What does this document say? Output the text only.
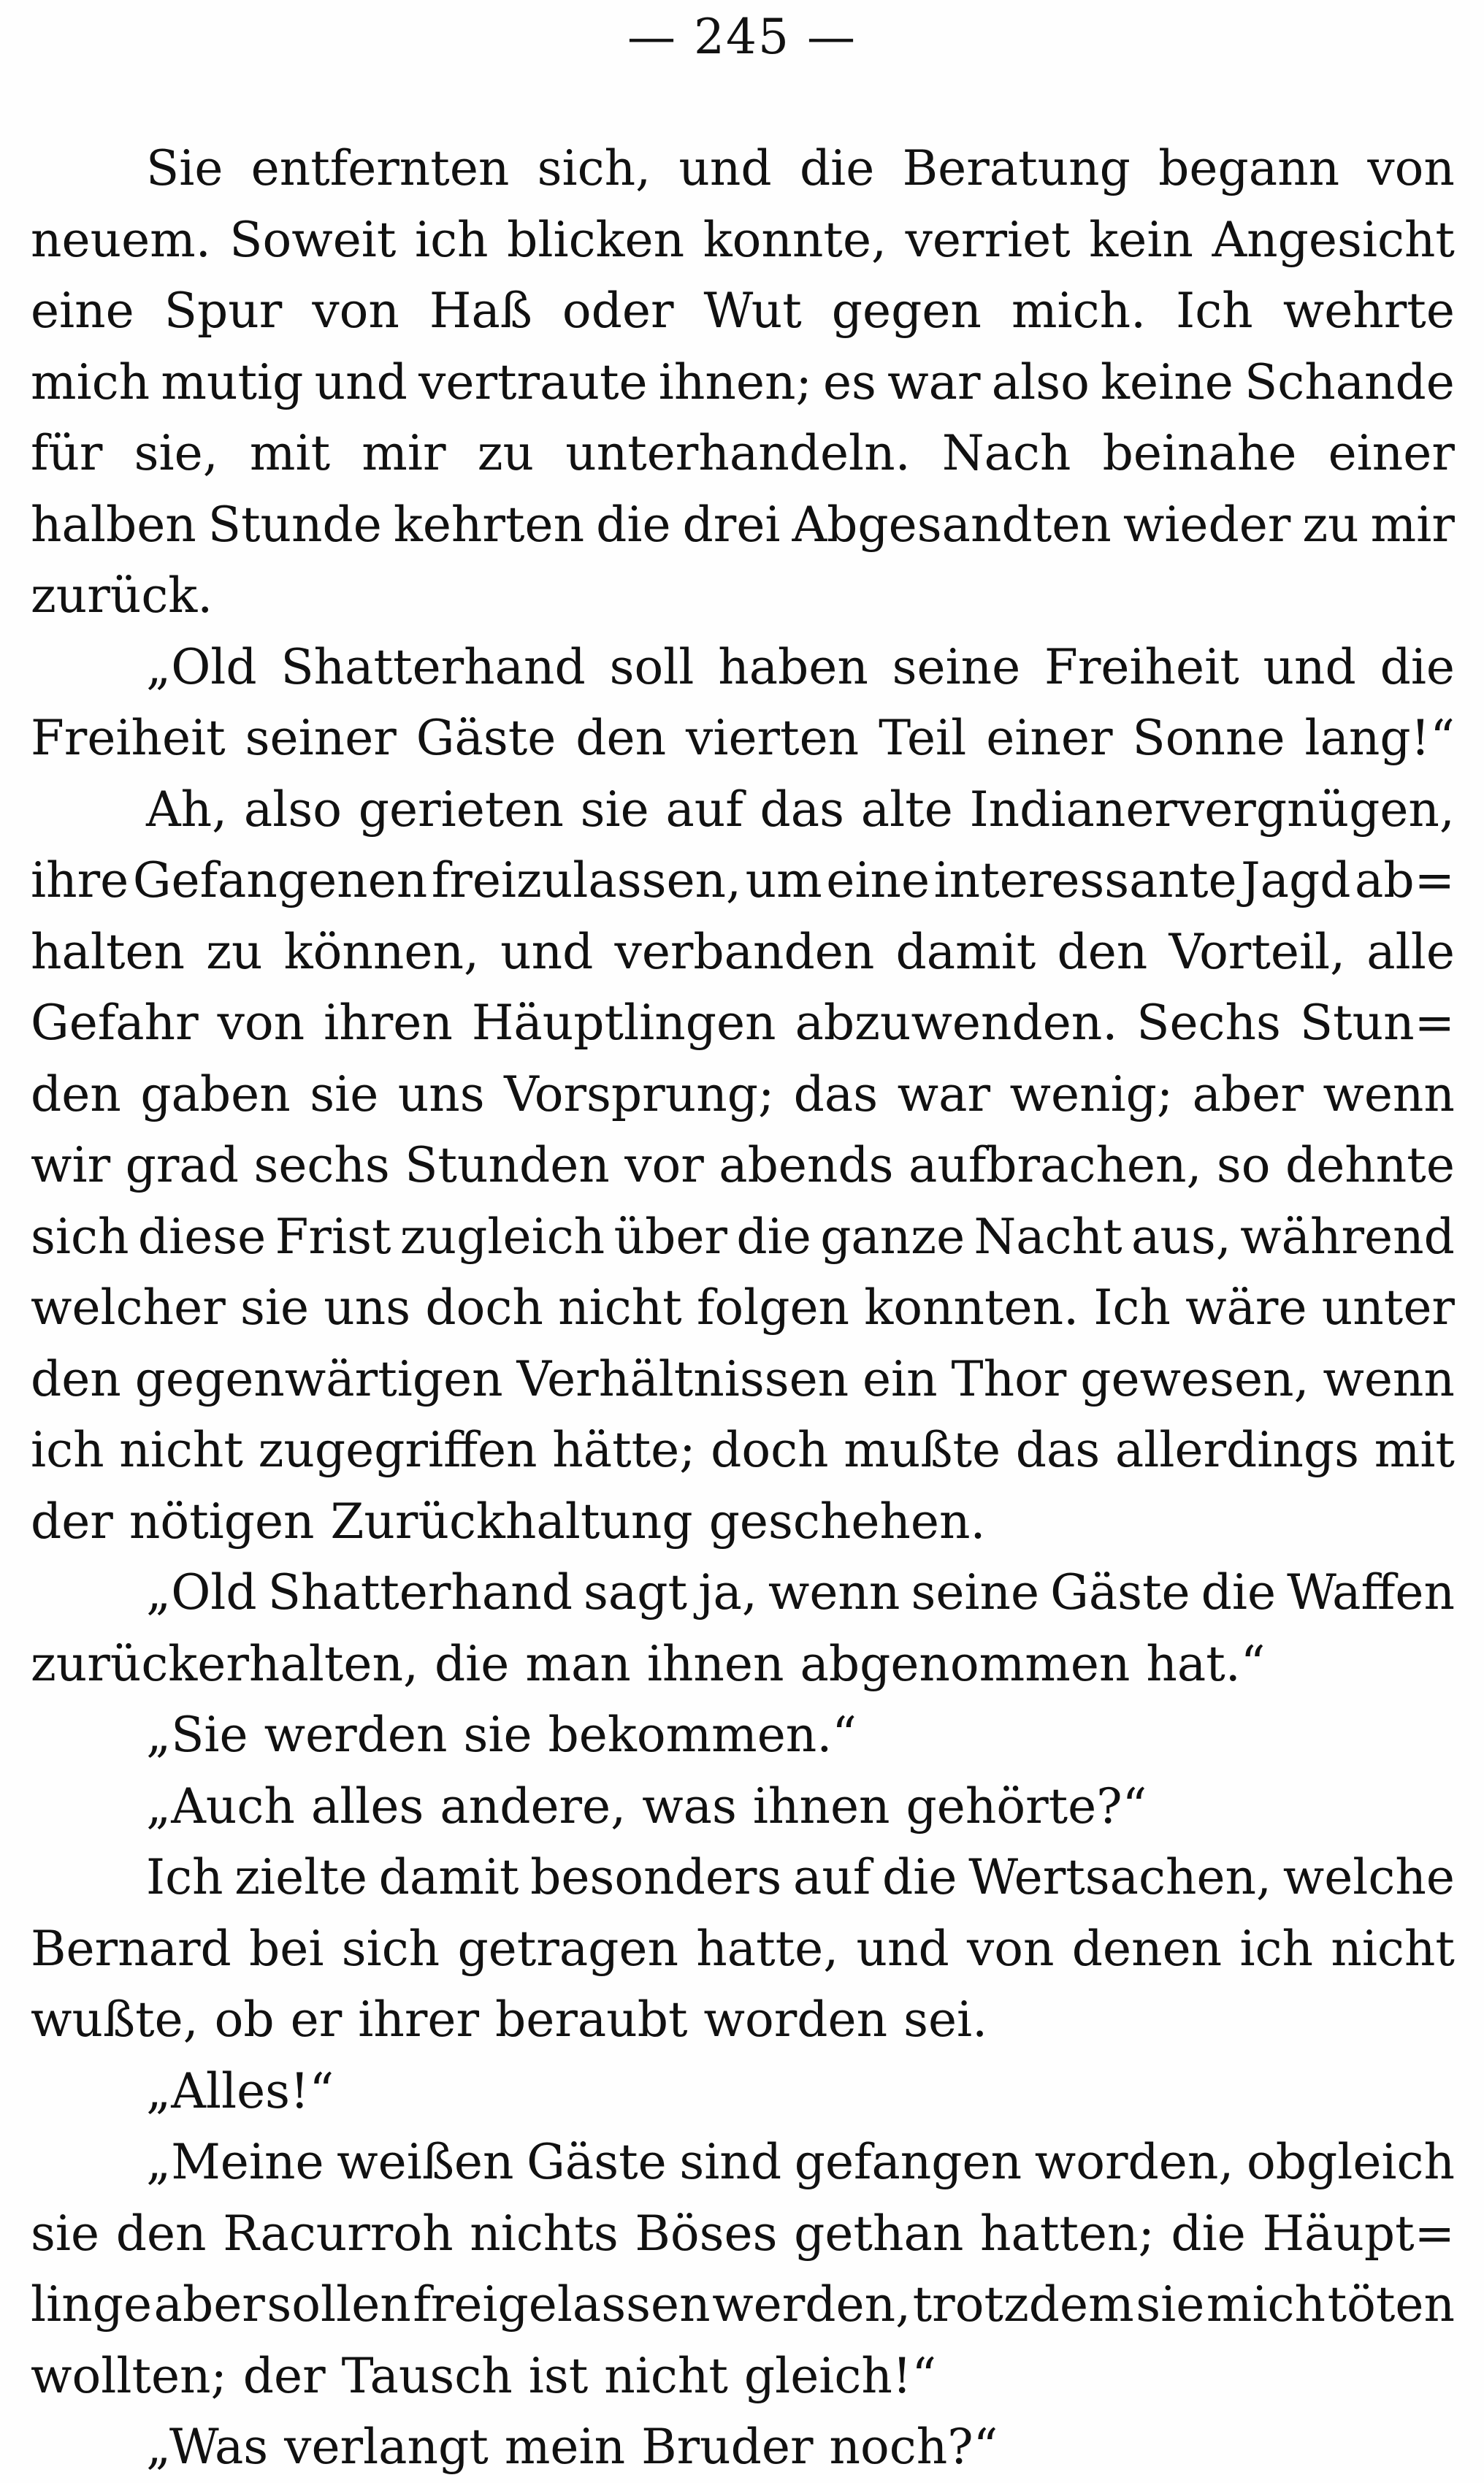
— 245 —
Sie entfernten sich, und die Beratung begann von
neuem. Soweit ich blicken konnte, verriet kein Angesicht
eine Spur von Haß oder Wut gegen mich. Ich wehrte
mich mutig und vertraute ihnen; es war also keine Schande
für sie, mit mir zu unterhandeln. Nach beinahe einer
halben Stunde kehrten die drei Abgesandten wieder zu mir
zurück.
„Old Shatterhand soll haben seine Freiheit und die
Freiheit seiner Gäste den vierten Teil einer Sonne lang!“
Ah, also gerieten sie auf das alte Indianervergnügen,
ihre Gefangenen freizulassen, um eine interessante Jagd ab=
halten zu können, und verbanden damit den Vorteil, alle
Gefahr von ihren Häuptlingen abzuwenden. Sechs Stun=
den gaben sie uns Vorsprung; das war wenig; aber wenn
wir grad sechs Stunden vor abends aufbrachen, so dehnte
sich diese Frist zugleich über die ganze Nacht aus, während
welcher sie uns doch nicht folgen konnten. Ich wäre unter
den gegenwärtigen Verhältnissen ein Thor gewesen, wenn
ich nicht zugegriffen hätte; doch mußte das allerdings mit
der nötigen Zurückhaltung geschehen.
„Old Shatterhand sagt ja, wenn seine Gäste die Waffen
zurückerhalten, die man ihnen abgenommen hat.“
„Sie werden sie bekommen.“
„Auch alles andere, was ihnen gehörte?“
Ich zielte damit besonders auf die Wertsachen, welche
Bernard bei sich getragen hatte, und von denen ich nicht
wußte, ob er ihrer beraubt worden sei.
„Alles!“
„Meine weißen Gäste sind gefangen worden, obgleich
sie den Racurroh nichts Böses gethan hatten; die Häupt=
linge aber sollen freigelassen werden, trotzdem sie mich töten
wollten; der Tausch ist nicht gleich!“
„Was verlangt mein Bruder noch?“
